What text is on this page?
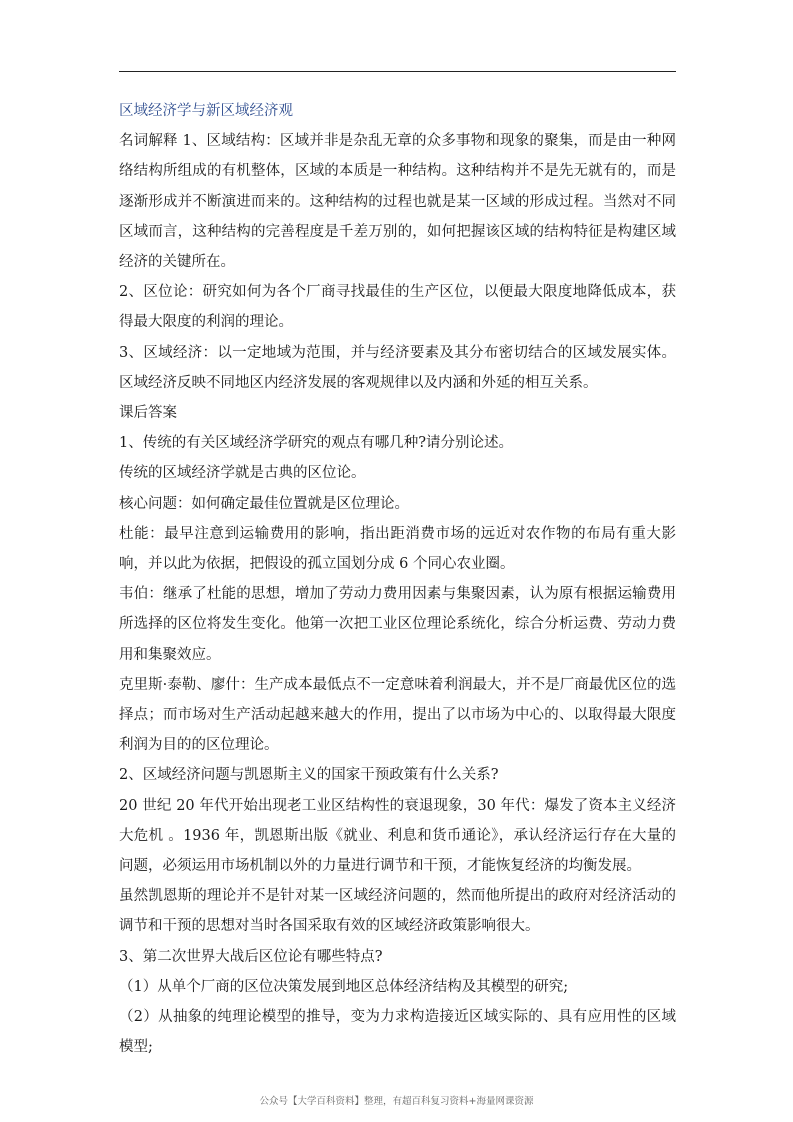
区域经济学与新区域经济观

名词解释 1、区域结构：区域并非是杂乱无章的众多事物和现象的聚集，而是由一种网络结构所组成的有机整体，区域的本质是一种结构。这种结构并不是先无就有的，而是逐渐形成并不断演进而来的。这种结构的过程也就是某一区域的形成过程。当然对不同区域而言，这种结构的完善程度是千差万别的，如何把握该区域的结构特征是构建区域经济的关键所在。

2、区位论：研究如何为各个厂商寻找最佳的生产区位，以便最大限度地降低成本，获得最大限度的利润的理论。

3、区域经济：以一定地域为范围，并与经济要素及其分布密切结合的区域发展实体。区域经济反映不同地区内经济发展的客观规律以及内涵和外延的相互关系。

课后答案

1、传统的有关区域经济学研究的观点有哪几种?请分别论述。

传统的区域经济学就是古典的区位论。

核心问题：如何确定最佳位置就是区位理论。

杜能：最早注意到运输费用的影响，指出距消费市场的远近对农作物的布局有重大影响，并以此为依据，把假设的孤立国划分成 6 个同心农业圈。

韦伯：继承了杜能的思想，增加了劳动力费用因素与集聚因素，认为原有根据运输费用所选择的区位将发生变化。他第一次把工业区位理论系统化，综合分析运费、劳动力费用和集聚效应。

克里斯·泰勒、廖什：生产成本最低点不一定意味着利润最大，并不是厂商最优区位的选择点；而市场对生产活动起越来越大的作用，提出了以市场为中心的、以取得最大限度利润为目的的区位理论。

2、区域经济问题与凯恩斯主义的国家干预政策有什么关系?

20 世纪 20 年代开始出现老工业区结构性的衰退现象，30 年代：爆发了资本主义经济大危机 。1936 年，凯恩斯出版《就业、利息和货币通论》，承认经济运行存在大量的问题，必须运用市场机制以外的力量进行调节和干预，才能恢复经济的均衡发展。

虽然凯恩斯的理论并不是针对某一区域经济问题的，然而他所提出的政府对经济活动的调节和干预的思想对当时各国采取有效的区域经济政策影响很大。

3、第二次世界大战后区位论有哪些特点?

（1）从单个厂商的区位决策发展到地区总体经济结构及其模型的研究;

（2）从抽象的纯理论模型的推导，变为力求构造接近区域实际的、具有应用性的区域模型;

公众号【大学百科资料】整理，有超百科复习资料+海量网课资源
